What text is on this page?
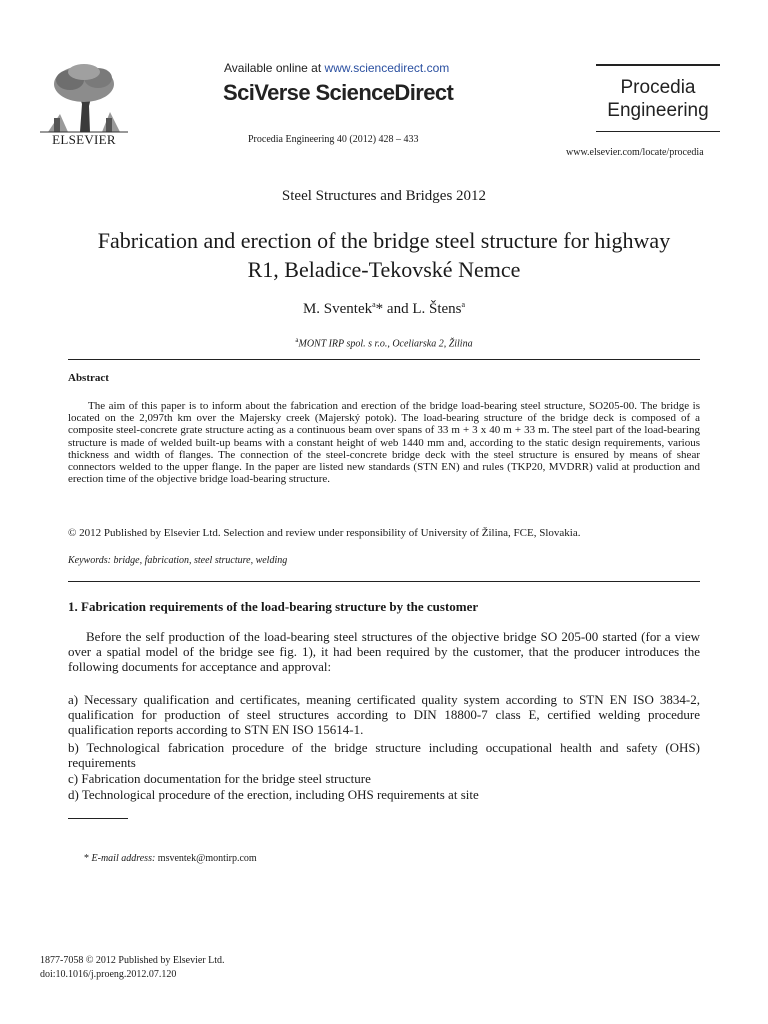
ELSEVIER
Available online at www.sciencedirect.com
SciVerse ScienceDirect
Procedia Engineering 40 (2012) 428 – 433
Procedia
Engineering
www.elsevier.com/locate/procedia
Steel Structures and Bridges 2012
Fabrication and erection of the bridge steel structure for highway
R1, Beladice-Tekovské Nemce
M. Sventek$^a$* and L. Štens$^a$
$^a$MONT IRP spol. s r.o., Oceliarska 2, Žilina
Abstract

The aim of this paper is to inform about the fabrication and erection of the bridge load-bearing steel structure, SO205-00. The bridge is located on the 2,097th km over the Majersky creek (Majerský potok). The load-bearing structure of the bridge deck is composed of a composite steel-concrete grate structure acting as a continuous beam over spans of 33 m + 3 x 40 m + 33 m. The steel part of the load-bearing structure is made of welded built-up beams with a constant height of web 1440 mm and, according to the static design requirements, various thickness and width of flanges. The connection of the steel-concrete bridge deck with the steel structure is ensured by means of shear connectors welded to the upper flange. In the paper are listed new standards (STN EN) and rules (TKP20, MVDRR) valid at production and erection time of the objective bridge load-bearing structure.

© 2012 Published by Elsevier Ltd. Selection and review under responsibility of University of Žilina, FCE, Slovakia.
Keywords: bridge, fabrication, steel structure, welding
1. Fabrication requirements of the load-bearing structure by the customer

Before the self production of the load-bearing steel structures of the objective bridge SO 205-00 started (for a view over a spatial model of the bridge see fig. 1), it had been required by the customer, that the producer introduces the following documents for acceptance and approval:

a) Necessary qualification and certificates, meaning certificated quality system according to STN EN ISO 3834-2, qualification for production of steel structures according to DIN 18800-7 class E, certified welding procedure qualification reports according to STN EN ISO 15614-1.

b) Technological fabrication procedure of the bridge structure including occupational health and safety (OHS) requirements

c) Fabrication documentation for the bridge steel structure

d) Technological procedure of the erection, including OHS requirements at site

* E-mail address: msventek@montirp.com
1877-7058 © 2012 Published by Elsevier Ltd.
doi:10.1016/j.proeng.2012.07.120
